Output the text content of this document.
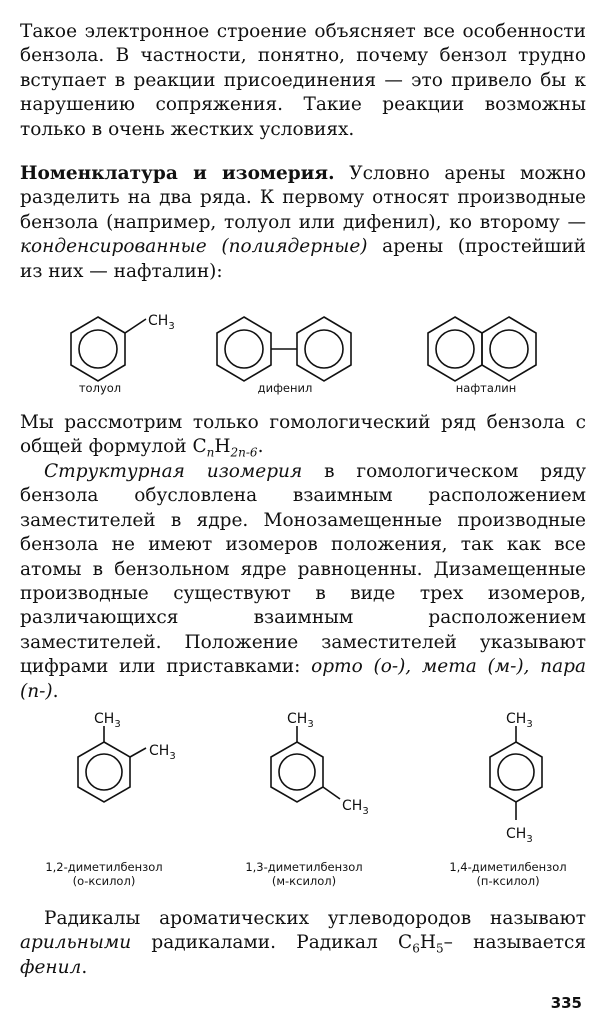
Такое электронное строение объясняет все особенности бензола. В частности, понятно, почему бензол трудно вступает в реакции присоединения — это привело бы к нарушению сопряжения. Такие реакции возможны только в очень жестких условиях.
Номенклатура и изомерия. Условно арены можно разделить на два ряда. К первому относят производные бензола (например, толуол или дифенил), ко второму — конденсированные (полиядерные) арены (простейший из них — нафталин):
$CH_3$
толуол	дифенил	нафталин
Мы рассмотрим только гомологический ряд бензола с общей формулой $C_nH_{2n-6}$.
Структурная изомерия в гомологическом ряду бензола обусловлена взаимным расположением заместителей в ядре. Монозамещенные производные бензола не имеют изомеров положения, так как все атомы в бензольном ядре равноценны. Дизамещенные производные существуют в виде трех изомеров, различающихся взаимным расположением заместителей. Положение заместителей указывают цифрами или приставками: орто (о-), мета (м-), пара (п-).
$CH_3$
$CH_3$
$CH_3$
$CH_3$
$CH_3$
$CH_3$
1,2-диметилбензол
(о-ксилол)
1,3-диметилбензол
(м-ксилол)
1,4-диметилбензол
(п-ксилол)
Радикалы ароматических углеводородов называют арильными радикалами. Радикал $C_6H_5-$ называется фенил.
335
